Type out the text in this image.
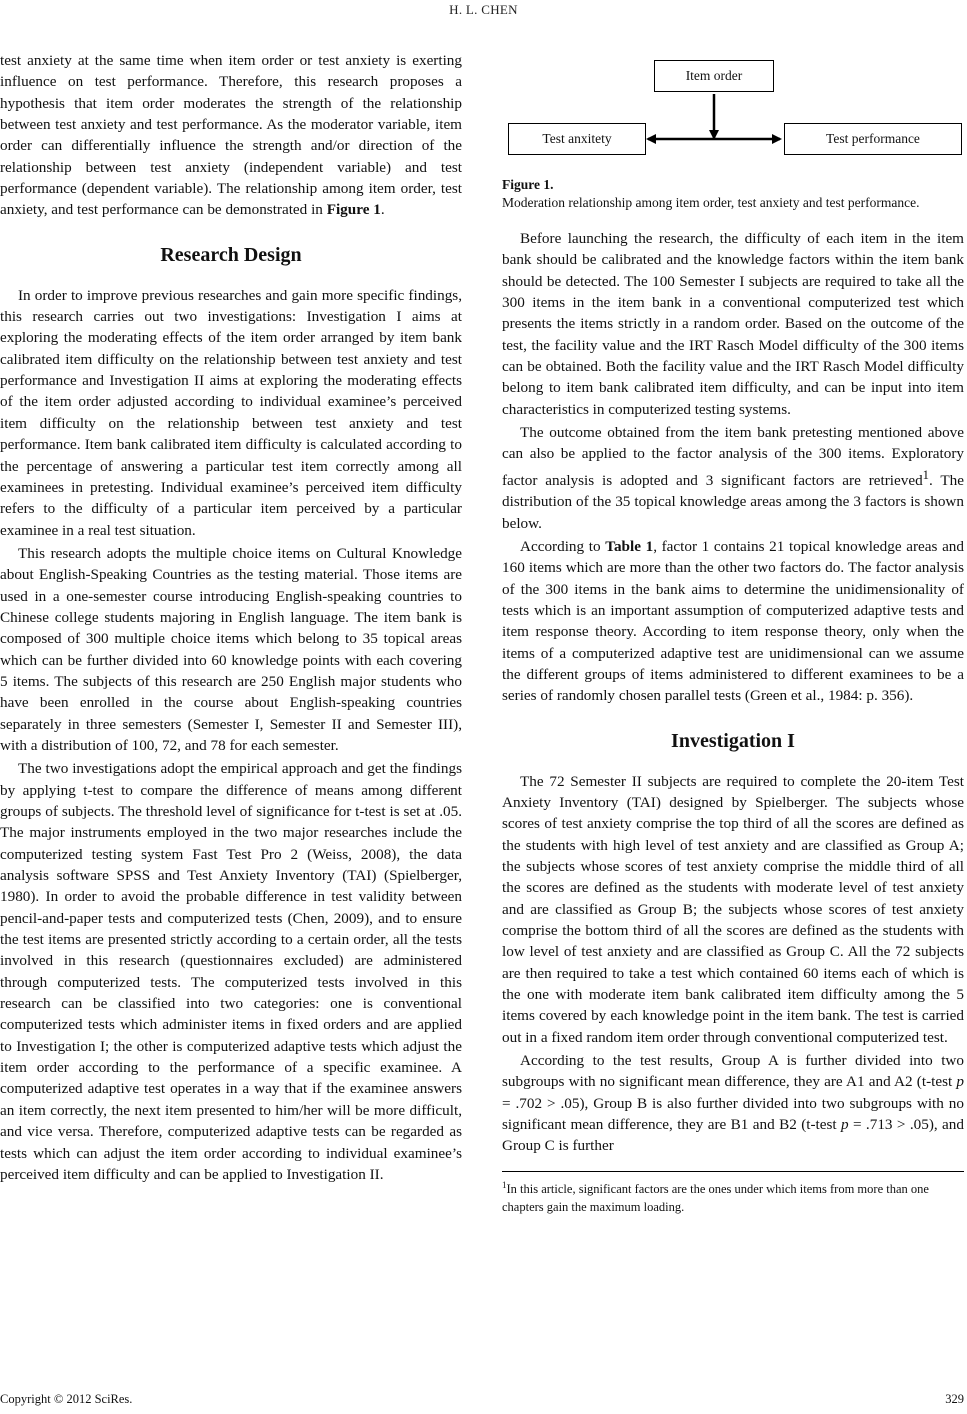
H. L. CHEN

test anxiety at the same time when item order or test anxiety is exerting influence on test performance. Therefore, this research proposes a hypothesis that item order moderates the strength of the relationship between test anxiety and test performance. As the moderator variable, item order can differentially influence the strength and/or direction of the relationship between test anxiety (independent variable) and test performance (dependent variable). The relationship among item order, test anxiety, and test performance can be demonstrated in Figure 1.

Research Design

In order to improve previous researches and gain more specific findings, this research carries out two investigations: Investigation I aims at exploring the moderating effects of the item order arranged by item bank calibrated item difficulty on the relationship between test anxiety and test performance and Investigation II aims at exploring the moderating effects of the item order adjusted according to individual examinee’s perceived item difficulty on the relationship between test anxiety and test performance. Item bank calibrated item difficulty is calculated according to the percentage of answering a particular test item correctly among all examinees in pretesting. Individual examinee’s perceived item difficulty refers to the difficulty of a particular item perceived by a particular examinee in a real test situation.

This research adopts the multiple choice items on Cultural Knowledge about English-Speaking Countries as the testing material. Those items are used in a one-semester course introducing English-speaking countries to Chinese college students majoring in English language. The item bank is composed of 300 multiple choice items which belong to 35 topical areas which can be further divided into 60 knowledge points with each covering 5 items. The subjects of this research are 250 English major students who have been enrolled in the course about English-speaking countries separately in three semesters (Semester I, Semester II and Semester III), with a distribution of 100, 72, and 78 for each semester.

The two investigations adopt the empirical approach and get the findings by applying t-test to compare the difference of means among different groups of subjects. The threshold level of significance for t-test is set at .05. The major instruments employed in the two major researches include the computerized testing system Fast Test Pro 2 (Weiss, 2008), the data analysis software SPSS and Test Anxiety Inventory (TAI) (Spielberger, 1980). In order to avoid the probable difference in test validity between pencil-and-paper tests and computerized tests (Chen, 2009), and to ensure the test items are presented strictly according to a certain order, all the tests involved in this research (questionnaires excluded) are administered through computerized tests. The computerized tests involved in this research can be classified into two categories: one is conventional computerized tests which administer items in fixed orders and are applied to Investigation I; the other is computerized adaptive tests which adjust the item order according to the performance of a specific examinee. A computerized adaptive test operates in a way that if the examinee answers an item correctly, the next item presented to him/her will be more difficult, and vice versa. Therefore, computerized adaptive tests can be regarded as tests which can adjust the item order according to individual examinee’s perceived item difficulty and can be applied to Investigation II.

Item order
Test anxitety	Test performance
Figure 1.
Moderation relationship among item order, test anxiety and test performance.

Before launching the research, the difficulty of each item in the item bank should be calibrated and the knowledge factors within the item bank should be detected. The 100 Semester I subjects are required to take all the 300 items in the item bank in a conventional computerized test which presents the items strictly in a random order. Based on the outcome of the test, the facility value and the IRT Rasch Model difficulty of the 300 items can be obtained. Both the facility value and the IRT Rasch Model difficulty belong to item bank calibrated item difficulty, and can be input into item characteristics in computerized testing systems.

The outcome obtained from the item bank pretesting mentioned above can also be applied to the factor analysis of the 300 items. Exploratory factor analysis is adopted and 3 significant factors are retrieved$^1$. The distribution of the 35 topical knowledge areas among the 3 factors is shown below.

According to Table 1, factor 1 contains 21 topical knowledge areas and 160 items which are more than the other two factors do. The factor analysis of the 300 items in the bank aims to determine the unidimensionality of tests which is an important assumption of computerized adaptive tests and item response theory. According to item response theory, only when the items of a computerized adaptive test are unidimensional can we assume the different groups of items administered to different examinees to be a series of randomly chosen parallel tests (Green et al., 1984: p. 356).

Investigation I

The 72 Semester II subjects are required to complete the 20-item Test Anxiety Inventory (TAI) designed by Spielberger. The subjects whose scores of test anxiety comprise the top third of all the scores are defined as the students with high level of test anxiety and are classified as Group A; the subjects whose scores of test anxiety comprise the middle third of all the scores are defined as the students with moderate level of test anxiety and are classified as Group B; the subjects whose scores of test anxiety comprise the bottom third of all the scores are defined as the students with low level of test anxiety and are classified as Group C. All the 72 subjects are then required to take a test which contained 60 items each of which is the one with moderate item bank calibrated item difficulty among the 5 items covered by each knowledge point in the item bank. The test is carried out in a fixed random item order through conventional computerized test.

According to the test results, Group A is further divided into two subgroups with no significant mean difference, they are A1 and A2 (t-test p = .702 > .05), Group B is also further divided into two subgroups with no significant mean difference, they are B1 and B2 (t-test p = .713 > .05), and Group C is further

$^1$In this article, significant factors are the ones under which items from more than one chapters gain the maximum loading.
Copyright © 2012 SciRes.	329
